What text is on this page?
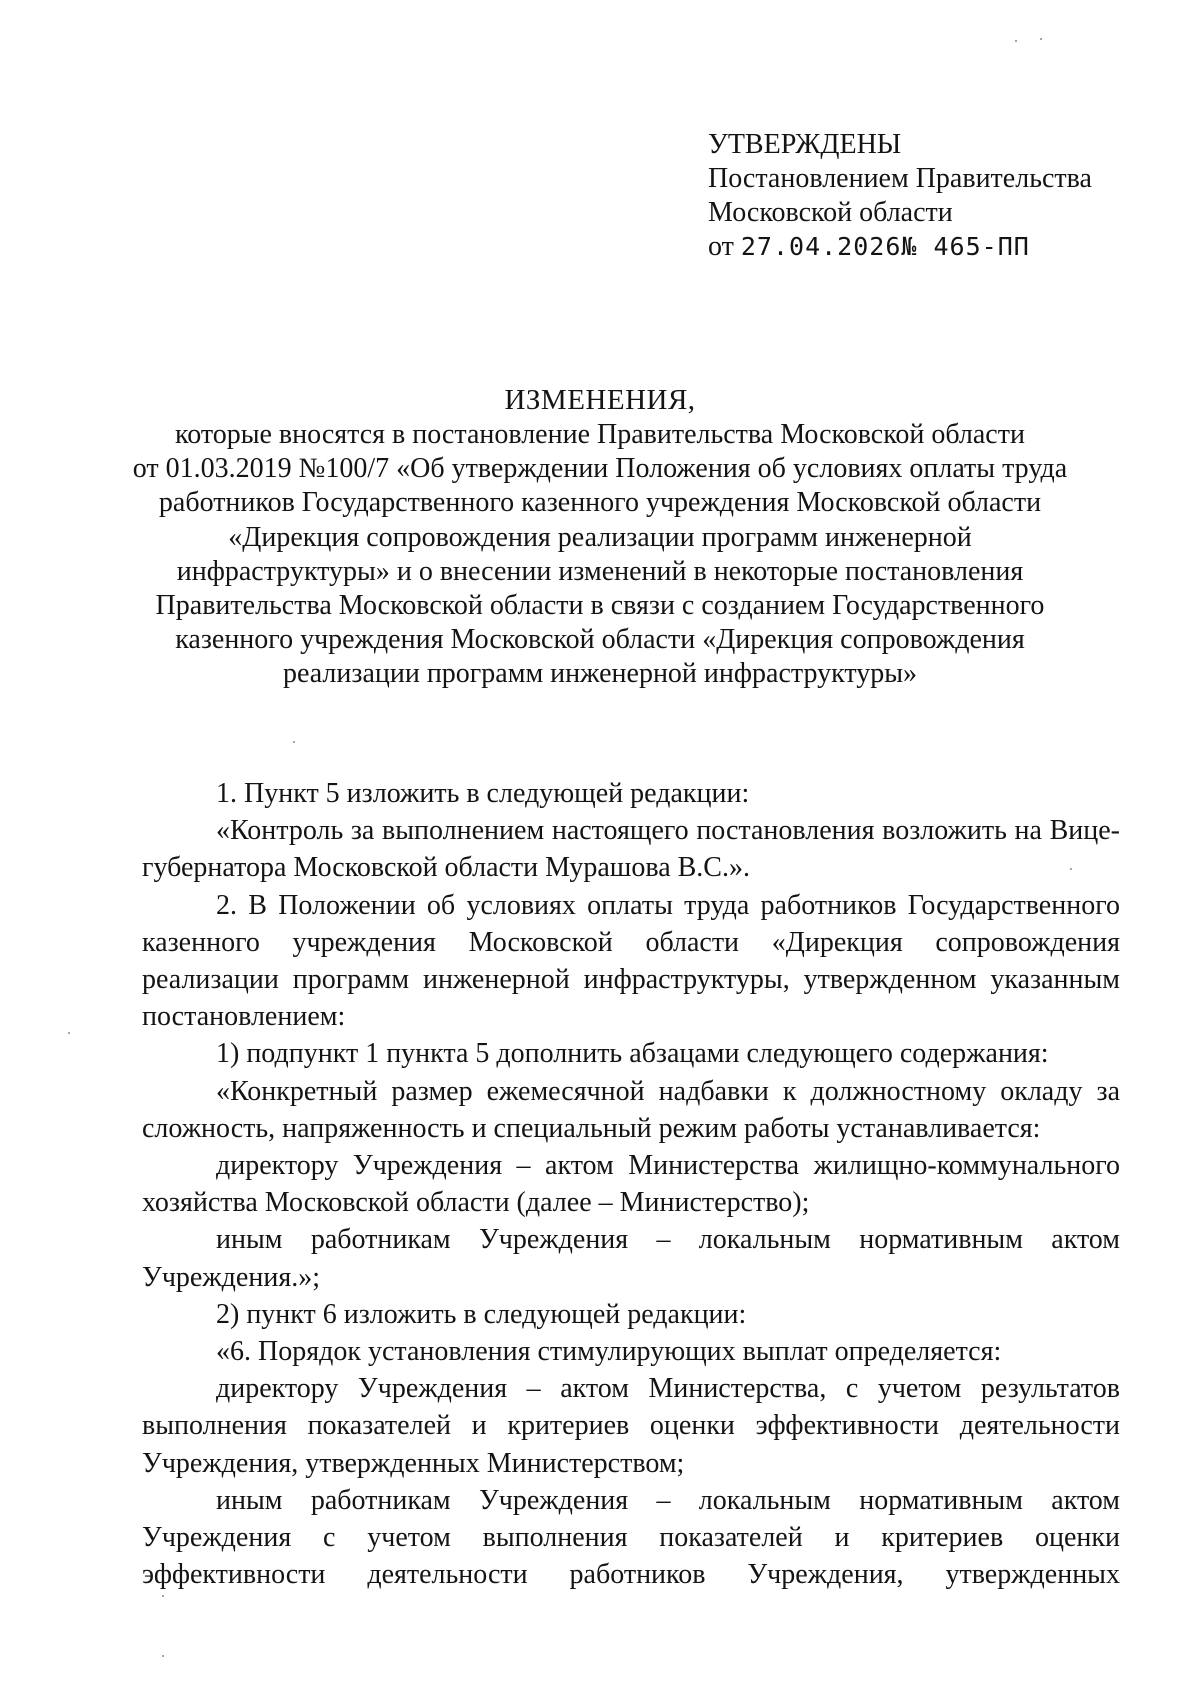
УТВЕРЖДЕНЫ
Постановлением Правительства
Московской области
от 27.04.2026№ 465-ПП
ИЗМЕНЕНИЯ,
которые вносятся в постановление Правительства Московской области
от 01.03.2019 №100/7 «Об утверждении Положения об условиях оплаты труда
работников Государственного казенного учреждения Московской области
«Дирекция сопровождения реализации программ инженерной
инфраструктуры» и о внесении изменений в некоторые постановления
Правительства Московской области в связи с созданием Государственного
казенного учреждения Московской области «Дирекция сопровождения
реализации программ инженерной инфраструктуры»

1. Пункт 5 изложить в следующей редакции:

«Контроль за выполнением настоящего постановления возложить на Вице-губернатора Московской области Мурашова В.С.».

2. В Положении об условиях оплаты труда работников Государственного казенного учреждения Московской области «Дирекция сопровождения реализации программ инженерной инфраструктуры, утвержденном указанным постановлением:

1) подпункт 1 пункта 5 дополнить абзацами следующего содержания:

«Конкретный размер ежемесячной надбавки к должностному окладу за сложность, напряженность и специальный режим работы устанавливается:

директору Учреждения – актом Министерства жилищно-коммунального хозяйства Московской области (далее – Министерство);

иным работникам Учреждения – локальным нормативным актом Учреждения.»;

2) пункт 6 изложить в следующей редакции:

«6. Порядок установления стимулирующих выплат определяется:

директору Учреждения – актом Министерства, с учетом результатов выполнения показателей и критериев оценки эффективности деятельности Учреждения, утвержденных Министерством;

иным работникам Учреждения – локальным нормативным актом Учреждения с учетом выполнения показателей и критериев оценки эффективности деятельности работников Учреждения, утвержденных
